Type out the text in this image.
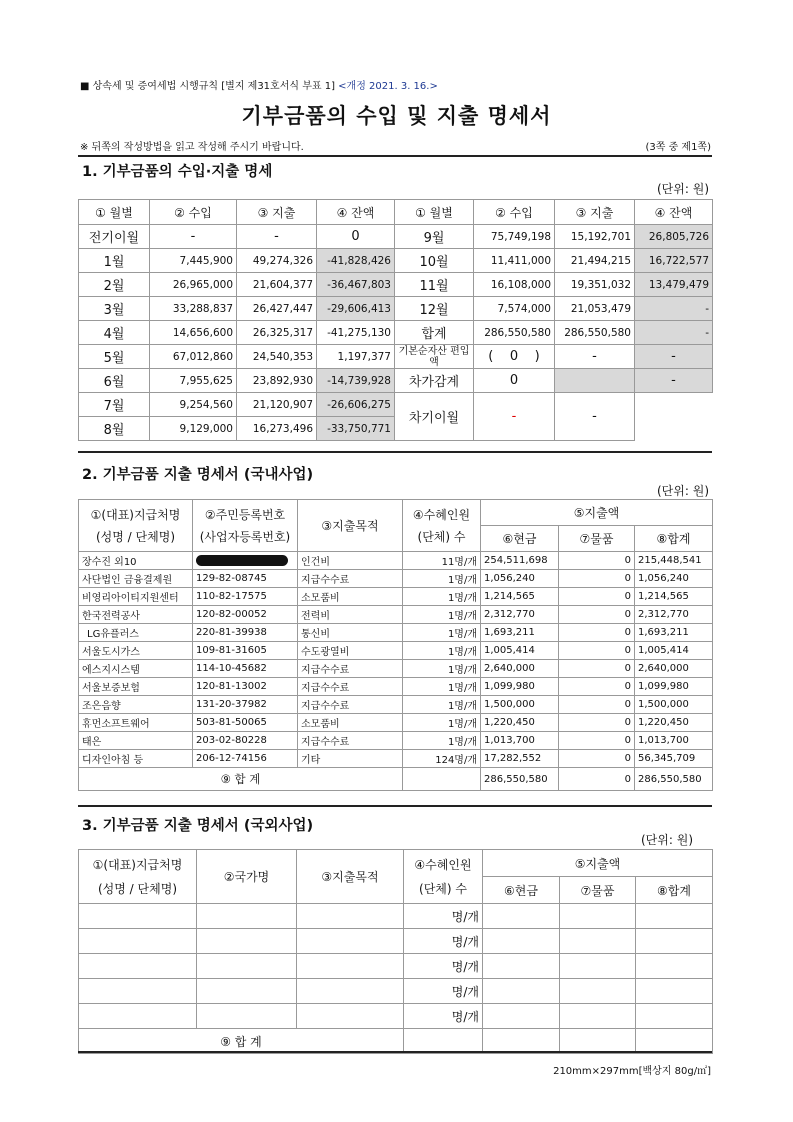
■ 상속세 및 증여세법 시행규칙 [별지 제31호서식 부표 1] <개정 2021. 3. 16.>
기부금품의 수입 및 지출 명세서
※ 뒤쪽의 작성방법을 읽고 작성해 주시기 바랍니다.	(3쪽 중 제1쪽)
1. 기부금품의 수입·지출 명세
(단위: 원)
① 월별	② 수입	③ 지출	④ 잔액	① 월별	② 수입	③ 지출	④ 잔액
전기이월	-	-	0	9월	75,749,198	15,192,701	26,805,726
1월	7,445,900	49,274,326	-41,828,426	10월	11,411,000	21,494,215	16,722,577
2월	26,965,000	21,604,377	-36,467,803	11월	16,108,000	19,351,032	13,479,479
3월	33,288,837	26,427,447	-29,606,413	12월	7,574,000	21,053,479	-
4월	14,656,600	26,325,317	-41,275,130	합계	286,550,580	286,550,580	-
5월	67,012,860	24,540,353	1,197,377	기본순자산 편입액	( 0 )	-	-
6월	7,955,625	23,892,930	-14,739,928	차가감계	0		-
7월	9,254,560	21,120,907	-26,606,275	차기이월	-	-	
8월	9,129,000	16,273,496	-33,750,771				
2. 기부금품 지출 명세서 (국내사업)
(단위: 원)
①(대표)지급처명
(성명 / 단체명)	②주민등록번호
(사업자등록번호)	③지출목적	④수혜인원
(단체) 수	⑤지출액		
				⑥현금	⑦물품	⑧합계
장수진 외10		인건비	11명/개	254,511,698	0	215,448,541
사단법인 금융결제원	129-82-08745	지급수수료	1명/개	1,056,240	0	1,056,240
비영리아이티지원센터	110-82-17575	소모품비	1명/개	1,214,565	0	1,214,565
한국전력공사	120-82-00052	전력비	1명/개	2,312,770	0	2,312,770
LG유플러스	220-81-39938	통신비	1명/개	1,693,211	0	1,693,211
서울도시가스	109-81-31605	수도광열비	1명/개	1,005,414	0	1,005,414
에스지시스템	114-10-45682	지급수수료	1명/개	2,640,000	0	2,640,000
서울보증보험	120-81-13002	지급수수료	1명/개	1,099,980	0	1,099,980
조은음향	131-20-37982	지급수수료	1명/개	1,500,000	0	1,500,000
휴먼소프트웨어	503-81-50065	소모품비	1명/개	1,220,450	0	1,220,450
태은	203-02-80228	지급수수료	1명/개	1,013,700	0	1,013,700
디자인아침 등	206-12-74156	기타	124명/개	17,282,552	0	56,345,709
⑨ 합 계				286,550,580	0	286,550,580
3. 기부금품 지출 명세서 (국외사업)
(단위: 원)
①(대표)지급처명
(성명 / 단체명)	②국가명	③지출목적	④수혜인원
(단체) 수	⑤지출액		
				⑥현금	⑦물품	⑧합계
			명/개			
			명/개			
			명/개			
			명/개			
			명/개			
⑨ 합 계						
210mm×297mm[백상지 80g/㎡]
